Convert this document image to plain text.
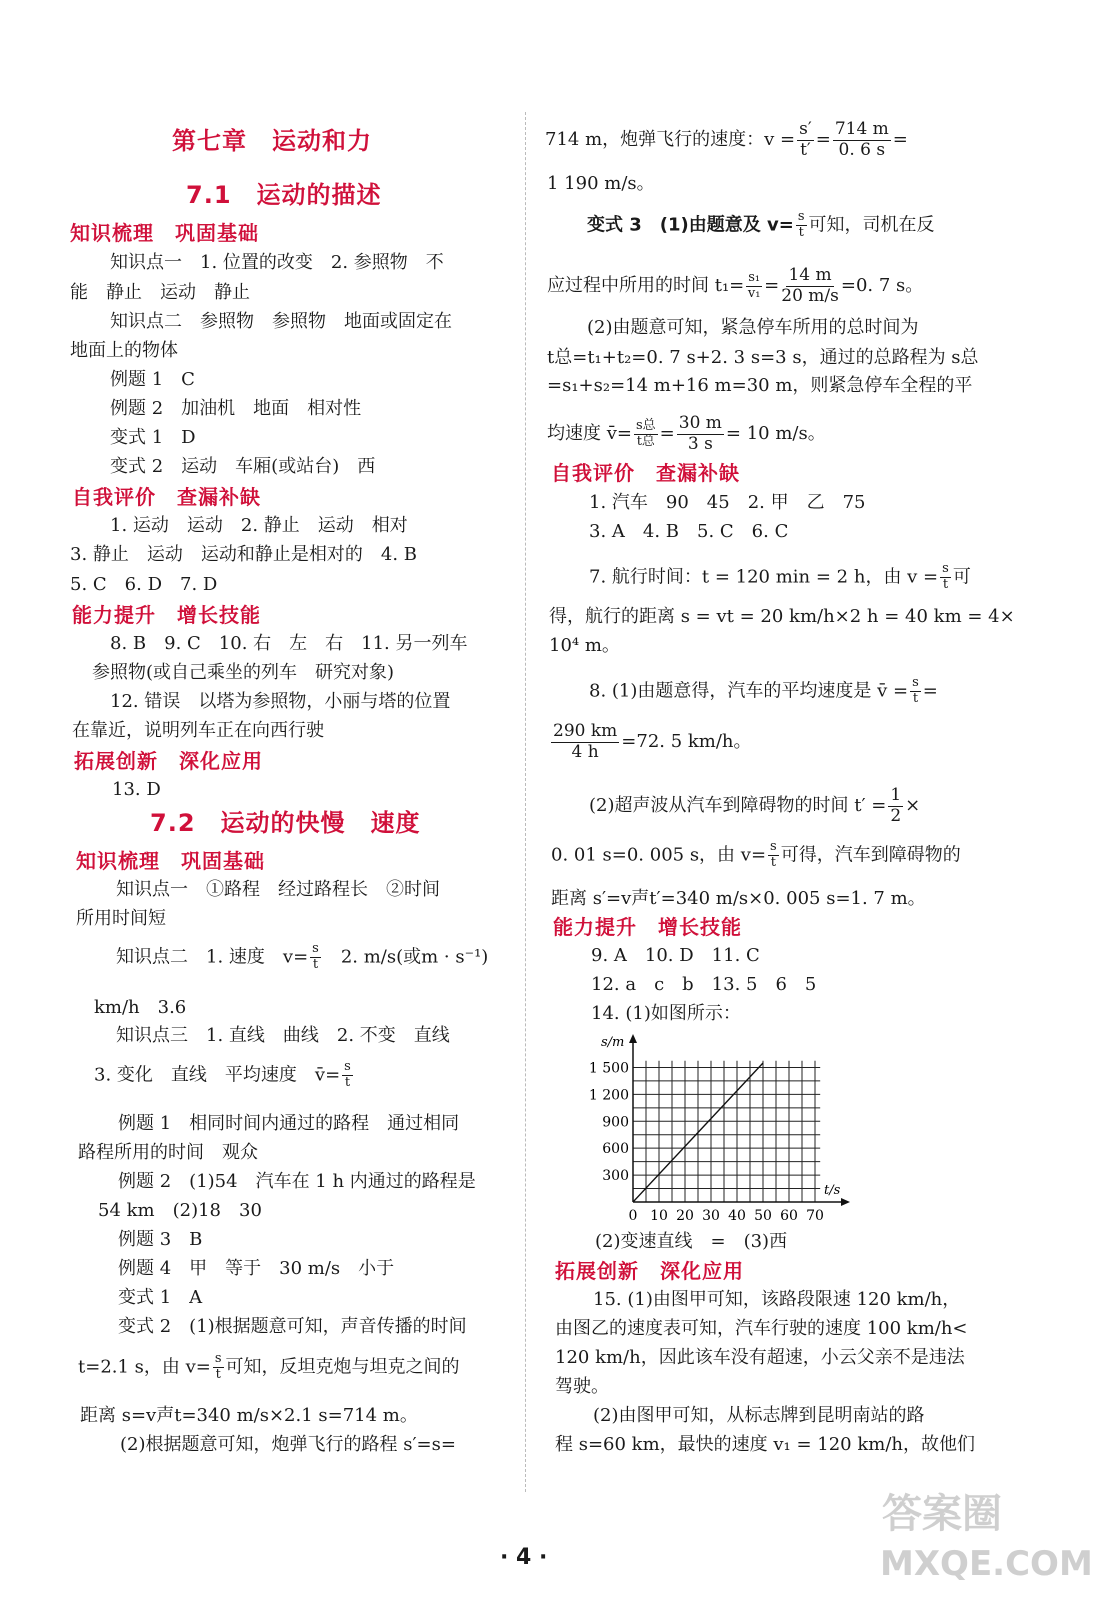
第七章　运动和力
7.1　运动的描述
知识梳理　巩固基础
知识点一　1. 位置的改变　2. 参照物　不
能　静止　运动　静止
知识点二　参照物　参照物　地面或固定在
地面上的物体
例题 1　C
例题 2　加油机　地面　相对性
变式 1　D
变式 2　运动　车厢(或站台)　西
自我评价　查漏补缺
1. 运动　运动　2. 静止　运动　相对
3. 静止　运动　运动和静止是相对的　4. B
5. C　6. D　7. D
能力提升　增长技能
8. B　9. C　10. 右　左　右　11. 另一列车
参照物(或自己乘坐的列车　研究对象)
12. 错误　以塔为参照物，小丽与塔的位置
在靠近，说明列车正在向西行驶
拓展创新　深化应用
13. D
7.2　运动的快慢　速度
知识梳理　巩固基础
知识点一　①路程　经过路程长　②时间
所用时间短
知识点二　1. 速度　$v= \frac{s}{t}$
　 2. m/s(或m · s⁻¹)
km/h　3.6
知识点三　1. 直线　曲线　2. 不变　直线
3. 变化　直线　平均速度　v̄= $\frac{s}{t}$
例题 1　相同时间内通过的路程　通过相同
路程所用的时间　观众
例题 2　(1)54　汽车在 1 h 内通过的路程是
54 km　(2)18　30
例题 3　B
例题 4　甲　等于　30 m/s　小于
变式 1　A
变式 2　(1)根据题意可知，声音传播的时间
t=2.1 s，由 $v= \frac{s}{t}$ 可知，反坦克炮与坦克之间的
距离 s=v声t=340 m/s×2.1 s=714 m。
(2)根据题意可知，炮弹飞行的路程 s′=s=
714 m，炮弹飞行的速度：$v = \frac{s'}{t'} = \frac{714 m}{0. 6 s}$ =
1 190 m/s。
变式 3　(1)由题意及 $v= \frac{s}{t}$ 可知，司机在反
应过程中所用的时间 $t_1= \frac{\text{s₁}}{\text{v₁}} = \frac{14 m}{20 m/s} =0$. 7 s。
(2)由题意可知，紧急停车所用的总时间为
t总=t₁+t₂=0. 7 s+2. 3 s=3 s，通过的总路程为 s总
=s₁+s₂=14 m+16 m=30 m，则紧急停车全程的平
均速度 v̄= $\frac{\text{s总}}{\text{t总}} = \frac{30 m}{3 s} = 10$ m/s。
自我评价　查漏补缺
1. 汽车　90　45　2. 甲　乙　75
3. A　4. B　5. C　6. C
7. 航行时间：t = 120 min = 2 h，由 $v = \frac{s}{t}$ 可
得，航行的距离 s = vt = 20 km/h×2 h = 40 km = 4×
10⁴ m。
8. (1)由题意得，汽车的平均速度是 v̄ = $\frac{s}{t}$ =
$\frac{290 km}{4 h} =72$. 5 km/h。
(2)超声波从汽车到障碍物的时间 $t' = \frac{1}{2}$ ×
0. 01 s=0. 005 s，由 $v= \frac{s}{t}$ 可得，汽车到障碍物的
距离 s′=v声t′=340 m/s×0. 005 s=1. 7 m。
能力提升　增长技能
9. A　10. D　11. C
12. a　c　b　13. 5　6　5
14. (1)如图所示：
t/s
s/m
0 10 20 30 40 50 60 70
300
600
900
1 200
1 500
(2)变速直线　=　(3)西
拓展创新　深化应用
15. (1)由图甲可知，该路段限速 120 km/h，
由图乙的速度表可知，汽车行驶的速度 100 km/h<
120 km/h，因此该车没有超速，小云父亲不是违法
驾驶。
(2)由图甲可知，从标志牌到昆明南站的路
程 s=60 km，最快的速度 v₁ = 120 km/h，故他们
· 4 ·
答案圈
MXQE.COM
